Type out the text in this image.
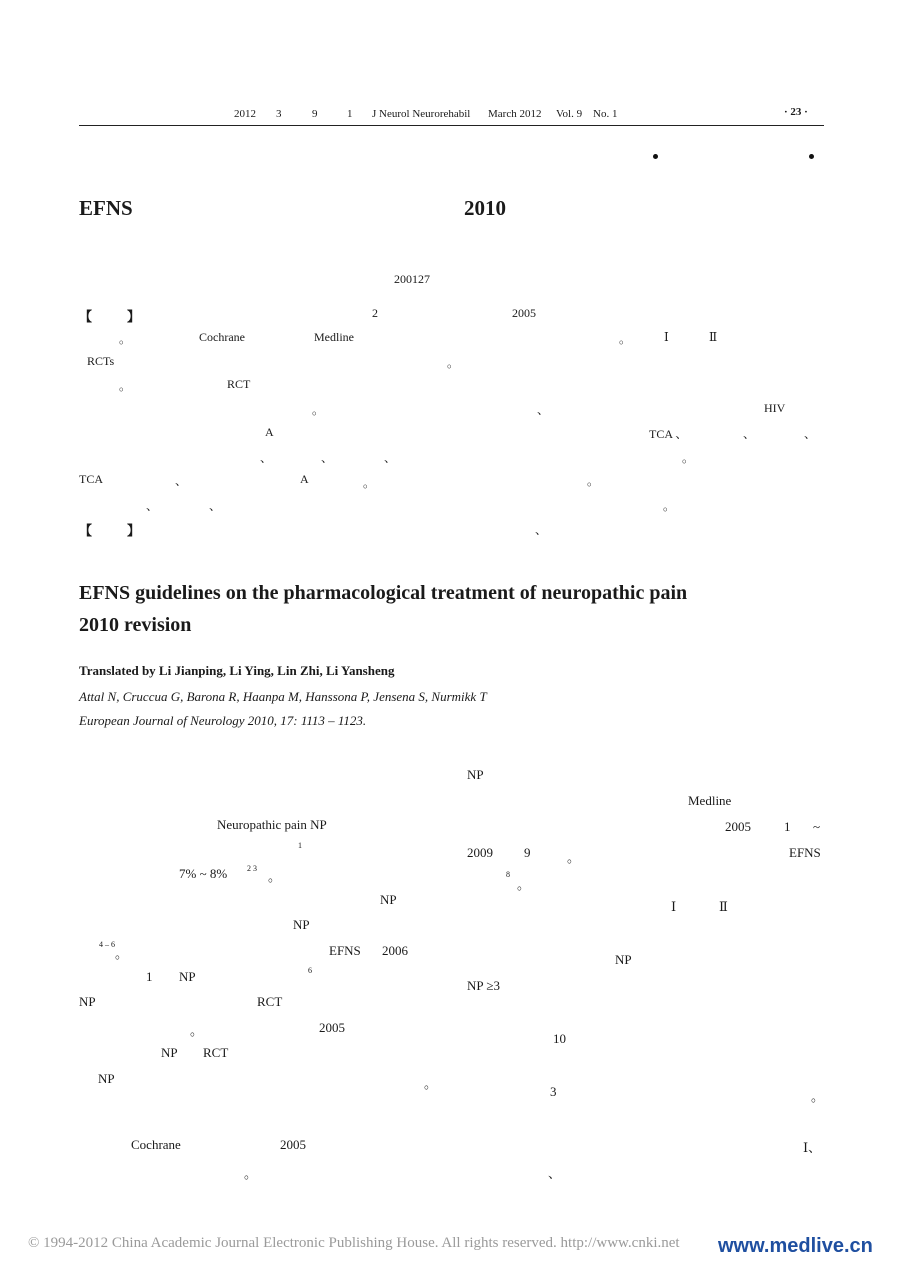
2012 3	9	1 J Neurol Neurorehabil March 2012 Vol. 9 No. 1	· 23 ·
EFNS	2010
200127
【	】	2	2005
。	Cochrane	Medline	。	Ⅰ	Ⅱ
RCTs	。
。	RCT
。	、	HIV
A	TCA 、	、	、
、	、	、	。
TCA	、	A	。	。
、	、	。
【	】	、
EFNS guidelines on the pharmacological treatment of neuropathic pain
2010 revision
Translated by Li Jianping, Li Ying, Lin Zhi, Li Yansheng
Attal N, Cruccua G, Barona R, Haanpa M, Hanssona P, Jensena S, Nurmikk T
European Journal of Neurology 2010, 17: 1113 – 1123.
Neuropathic pain NP
1
7% ~ 8% 2 3
。
NP
NP
4 – 6
。	EFNS 2006
1 NP	6
NP	RCT
。	2005
NP RCT
NP	。
Cochrane	2005
。
NP
Medline
2005	1 ~
2009 9	。	EFNS
8
。
Ⅰ	Ⅱ
NP
NP ≥3
10
3	。
Ⅰ、
、
© 1994-2012 China Academic Journal Electronic Publishing House. All rights reserved. http://www.cnki.net www.medlive.cn
